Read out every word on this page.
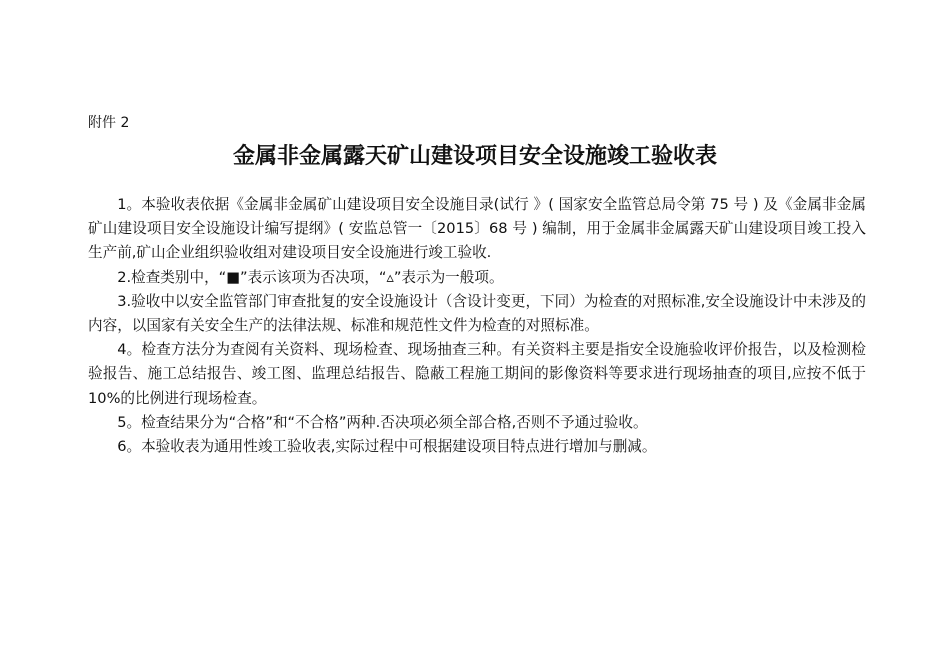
附件 2

金属非金属露天矿山建设项目安全设施竣工验收表

1。本验收表依据《金属非金属矿山建设项目安全设施目录(试行 》( 国家安全监管总局令第 75 号 ) 及《金属非金属矿山建设项目安全设施设计编写提纲》( 安监总管一〔2015〕68 号 ) 编制，用于金属非金属露天矿山建设项目竣工投入生产前,矿山企业组织验收组对建设项目安全设施进行竣工验收.

2.检查类别中，“■”表示该项为否决项，“▵”表示为一般项。

3.验收中以安全监管部门审查批复的安全设施设计（含设计变更，下同）为检查的对照标准,安全设施设计中未涉及的内容，以国家有关安全生产的法律法规、标准和规范性文件为检查的对照标准。

4。检查方法分为查阅有关资料、现场检查、现场抽查三种。有关资料主要是指安全设施验收评价报告，以及检测检验报告、施工总结报告、竣工图、监理总结报告、隐蔽工程施工期间的影像资料等要求进行现场抽查的项目,应按不低于 10%的比例进行现场检查。

5。检查结果分为“合格”和“不合格”两种.否决项必须全部合格,否则不予通过验收。

6。本验收表为通用性竣工验收表,实际过程中可根据建设项目特点进行增加与删减。
